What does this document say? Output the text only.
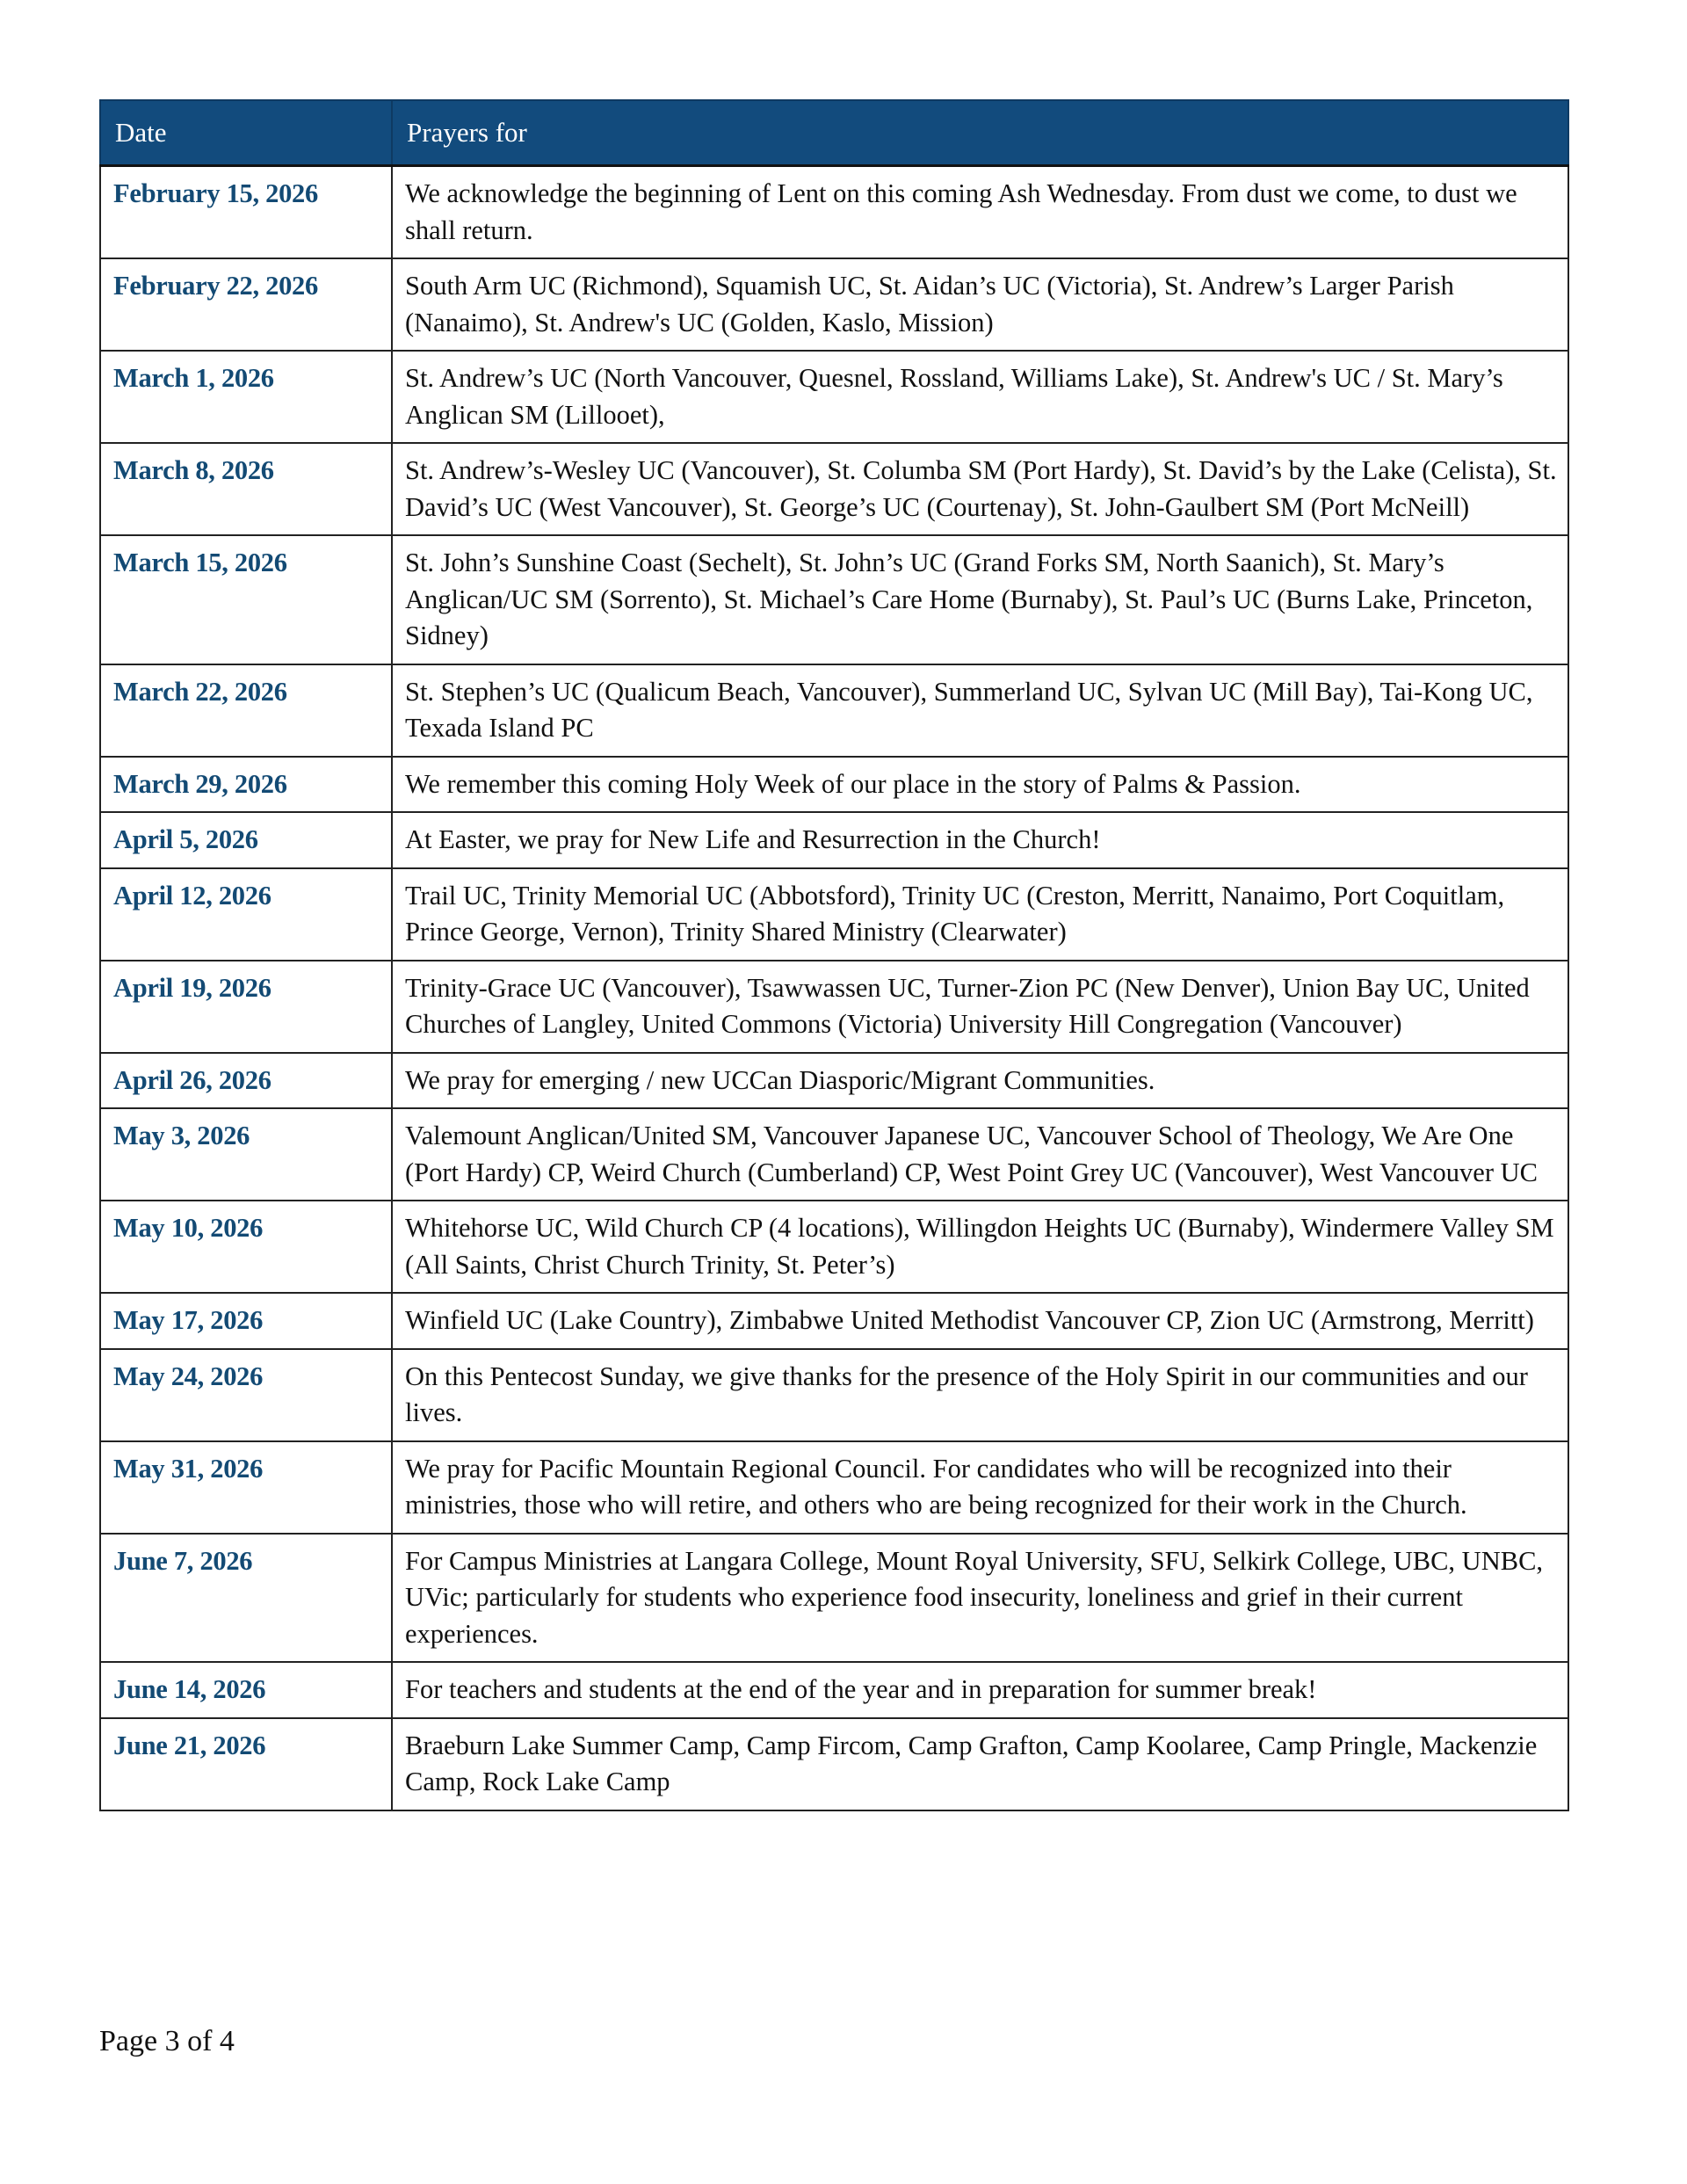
Date	Prayers for
February 15, 2026	We acknowledge the beginning of Lent on this coming Ash Wednesday. From dust we come, to dust we shall return.
February 22, 2026	South Arm UC (Richmond), Squamish UC, St. Aidan’s UC (Victoria), St. Andrew’s Larger Parish (Nanaimo), St. Andrew's UC (Golden, Kaslo, Mission)
March 1, 2026	St. Andrew’s UC (North Vancouver, Quesnel, Rossland, Williams Lake), St. Andrew's UC / St. Mary’s Anglican SM (Lillooet),
March 8, 2026	St. Andrew’s-Wesley UC (Vancouver), St. Columba SM (Port Hardy), St. David’s by the Lake (Celista), St. David’s UC (West Vancouver), St. George’s UC (Courtenay), St. John-Gaulbert SM (Port McNeill)
March 15, 2026	St. John’s Sunshine Coast (Sechelt), St. John’s UC (Grand Forks SM, North Saanich), St. Mary’s Anglican/UC SM (Sorrento), St. Michael’s Care Home (Burnaby), St. Paul’s UC (Burns Lake, Princeton, Sidney)
March 22, 2026	St. Stephen’s UC (Qualicum Beach, Vancouver), Summerland UC, Sylvan UC (Mill Bay), Tai-Kong UC, Texada Island PC
March 29, 2026	We remember this coming Holy Week of our place in the story of Palms & Passion.
April 5, 2026	At Easter, we pray for New Life and Resurrection in the Church!
April 12, 2026	Trail UC, Trinity Memorial UC (Abbotsford), Trinity UC (Creston, Merritt, Nanaimo, Port Coquitlam, Prince George, Vernon), Trinity Shared Ministry (Clearwater)
April 19, 2026	Trinity-Grace UC (Vancouver), Tsawwassen UC, Turner-Zion PC (New Denver), Union Bay UC, United Churches of Langley, United Commons (Victoria) University Hill Congregation (Vancouver)
April 26, 2026	We pray for emerging / new UCCan Diasporic/Migrant Communities.
May 3, 2026	Valemount Anglican/United SM, Vancouver Japanese UC, Vancouver School of Theology, We Are One (Port Hardy) CP, Weird Church (Cumberland) CP, West Point Grey UC (Vancouver), West Vancouver UC
May 10, 2026	Whitehorse UC, Wild Church CP (4 locations), Willingdon Heights UC (Burnaby), Windermere Valley SM (All Saints, Christ Church Trinity, St. Peter’s)
May 17, 2026	Winfield UC (Lake Country), Zimbabwe United Methodist Vancouver CP, Zion UC (Armstrong, Merritt)
May 24, 2026	On this Pentecost Sunday, we give thanks for the presence of the Holy Spirit in our communities and our lives.
May 31, 2026	We pray for Pacific Mountain Regional Council. For candidates who will be recognized into their ministries, those who will retire, and others who are being recognized for their work in the Church.
June 7, 2026	For Campus Ministries at Langara College, Mount Royal University, SFU, Selkirk College, UBC, UNBC, UVic; particularly for students who experience food insecurity, loneliness and grief in their current experiences.
June 14, 2026	For teachers and students at the end of the year and in preparation for summer break!
June 21, 2026	Braeburn Lake Summer Camp, Camp Fircom, Camp Grafton, Camp Koolaree, Camp Pringle, Mackenzie Camp, Rock Lake Camp
Page 3 of 4
